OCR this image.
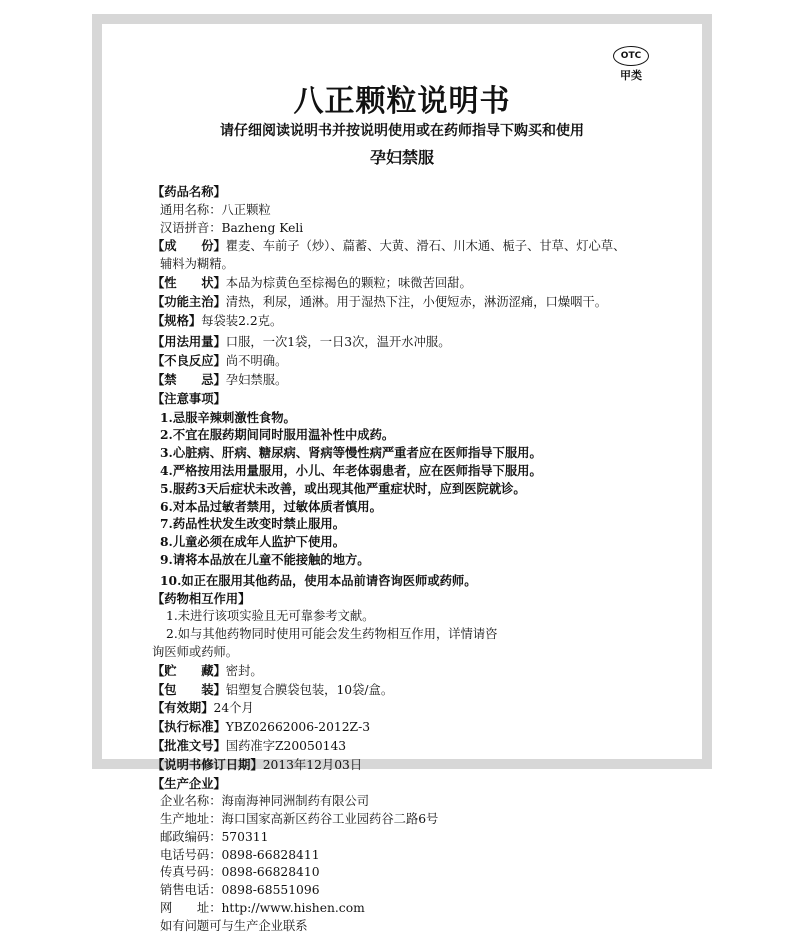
OTC
甲类
八正颗粒说明书
请仔细阅读说明书并按说明使用或在药师指导下购买和使用
孕妇禁服
【药品名称】
通用名称：八正颗粒
汉语拼音：Bazheng Keli
【成　　份】瞿麦、车前子（炒）、萹蓄、大黄、滑石、川木通、栀子、甘草、灯心草、
辅料为糊精。
【性　　状】本品为棕黄色至棕褐色的颗粒；味微苦回甜。
【功能主治】清热，利尿，通淋。用于湿热下注，小便短赤，淋沥涩痛，口燥咽干。
【规格】每袋装2.2克。
【用法用量】口服，一次1袋，一日3次，温开水冲服。
【不良反应】尚不明确。
【禁　　忌】孕妇禁服。
【注意事项】
1.忌服辛辣刺激性食物。
2.不宜在服药期间同时服用温补性中成药。
3.心脏病、肝病、糖尿病、肾病等慢性病严重者应在医师指导下服用。
4.严格按用法用量服用，小儿、年老体弱患者，应在医师指导下服用。
5.服药3天后症状未改善，或出现其他严重症状时，应到医院就诊。
6.对本品过敏者禁用，过敏体质者慎用。
7.药品性状发生改变时禁止服用。
8.儿童必须在成年人监护下使用。
9.请将本品放在儿童不能接触的地方。
10.如正在服用其他药品，使用本品前请咨询医师或药师。
【药物相互作用】
1.未进行该项实验且无可靠参考文献。
2.如与其他药物同时使用可能会发生药物相互作用，详情请咨
询医师或药师。
【贮　　藏】密封。
【包　　装】铝塑复合膜袋包装，10袋/盒。
【有效期】24个月
【执行标准】YBZ02662006-2012Z-3
【批准文号】国药准字Z20050143
【说明书修订日期】2013年12月03日
【生产企业】
企业名称：海南海神同洲制药有限公司
生产地址：海口国家高新区药谷工业园药谷二路6号
邮政编码：570311
电话号码：0898-66828411
传真号码：0898-66828410
销售电话：0898-68551096
网　　址：http://www.hishen.com
如有问题可与生产企业联系
